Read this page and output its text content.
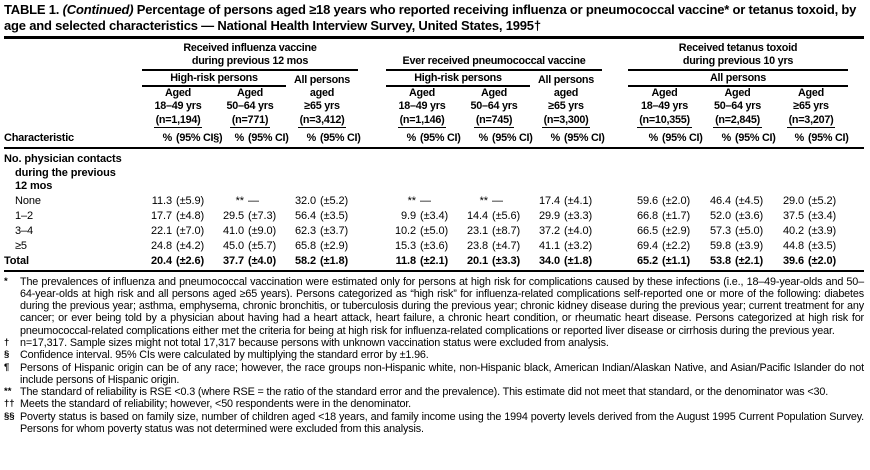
TABLE 1. (Continued) Percentage of persons aged ≥18 years who reported receiving influenza or pneumococcal vaccine* or tetanus toxoid, by age and selected characteristics — National Health Interview Survey, United States, 1995†
Received influenza vaccine	Received tetanus toxoid
during previous 12 mos	Ever received pneumococcal vaccine	during previous 10 yrs
High-risk persons	All persons	High-risk persons	All persons	All persons
Aged	Aged	aged	Aged	Aged	aged	Aged	Aged	Aged
18–49 yrs	50–64 yrs	≥65 yrs	18–49 yrs	50–64 yrs	≥65 yrs	18–49 yrs	50–64 yrs	≥65 yrs
(n=1,194)	(n=771)	(n=3,412)	(n=1,146)	(n=745)	(n=3,300)	(n=10,355)	(n=2,845)	(n=3,207)
Characteristic	% (95% CI§)	% (95% CI)	% (95% CI)	% (95% CI)	% (95% CI)	% (95% CI)	% (95% CI)	% (95% CI)	% (95% CI)
No. physician contacts
during the previous
12 mos
None	11.3 (±5.9)	** —	32.0 (±5.2)	** —	** —	17.4 (±4.1)	59.6 (±2.0)	46.4 (±4.5)	29.0 (±5.2)
1–2	17.7 (±4.8)	29.5 (±7.3)	56.4 (±3.5)	9.9 (±3.4)	14.4 (±5.6)	29.9 (±3.3)	66.8 (±1.7)	52.0 (±3.6)	37.5 (±3.4)
3–4	22.1 (±7.0)	41.0 (±9.0)	62.3 (±3.7)	10.2 (±5.0)	23.1 (±8.7)	37.2 (±4.0)	66.5 (±2.9)	57.3 (±5.0)	40.2 (±3.9)
≥5	24.8 (±4.2)	45.0 (±5.7)	65.8 (±2.9)	15.3 (±3.6)	23.8 (±4.7)	41.1 (±3.2)	69.4 (±2.2)	59.8 (±3.9)	44.8 (±3.5)
Total	20.4 (±2.6)	37.7 (±4.0)	58.2 (±1.8)	11.8 (±2.1)	20.1 (±3.3)	34.0 (±1.8)	65.2 (±1.1)	53.8 (±2.1)	39.6 (±2.0)
*	The prevalences of influenza and pneumococcal vaccination were estimated only for persons at high risk for complications caused by these infections (i.e., 18–49-year-olds and 50–64-year-olds at high risk and all persons aged ≥65 years). Persons categorized as “high risk” for influenza-related complications self-reported one or more of the following: diabetes during the previous year; asthma, emphysema, chronic bronchitis, or tuberculosis during the previous year; chronic kidney disease during the previous year; current treatment for any cancer; or ever being told by a physician about having had a heart attack, heart failure, a chronic heart condition, or rheumatic heart disease. Persons categorized at high risk for pneumococcal-related complications either met the criteria for being at high risk for influenza-related complications or reported liver disease or cirrhosis during the previous year.
† n=17,317. Sample sizes might not total 17,317 because persons with unknown vaccination status were excluded from analysis.
§ Confidence interval. 95% CIs were calculated by multiplying the standard error by ±1.96.
¶ Persons of Hispanic origin can be of any race; however, the race groups non-Hispanic white, non-Hispanic black, American Indian/Alaskan Native, and Asian/Pacific Islander do not include persons of Hispanic origin.
** The standard of reliability is RSE <0.3 (where RSE = the ratio of the standard error and the prevalence). This estimate did not meet that standard, or the denominator was <30.
†† Meets the standard of reliability; however, <50 respondents were in the denominator.
§§ Poverty status is based on family size, number of children aged <18 years, and family income using the 1994 poverty levels derived from the August 1995 Current Population Survey. Persons for whom poverty status was not determined were excluded from this analysis.
